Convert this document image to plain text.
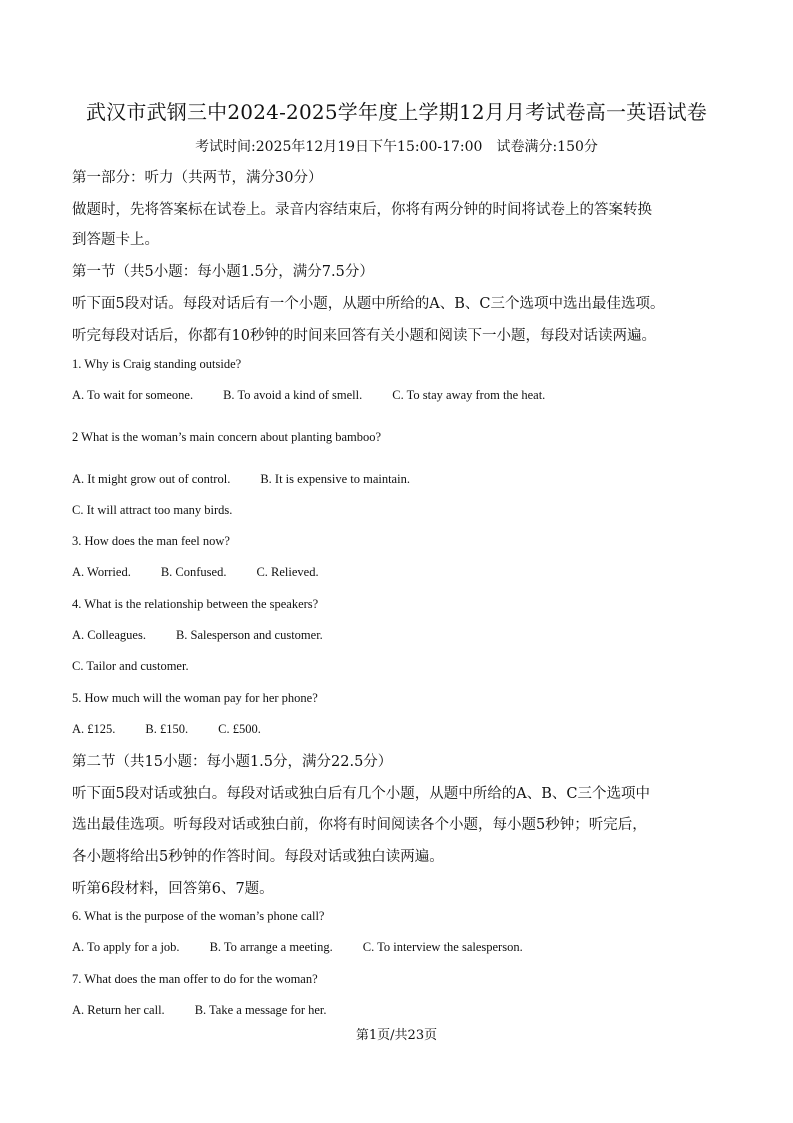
武汉市武钢三中2024-2025学年度上学期12月月考试卷高一英语试卷
考试时间:2025年12月19日下午15:00-17:00 试卷满分:150分
第一部分：听力（共两节，满分30分）
做题时，先将答案标在试卷上。录音内容结束后，你将有两分钟的时间将试卷上的答案转换
到答题卡上。
第一节（共5小题：每小题1.5分，满分7.5分）
听下面5段对话。每段对话后有一个小题，从题中所给的A、B、C三个选项中选出最佳选项。
听完每段对话后，你都有10秒钟的时间来回答有关小题和阅读下一小题，每段对话读两遍。
1. Why is Craig standing outside?
A. To wait for someone. B. To avoid a kind of smell. C. To stay away from the heat.
2 What is the woman’s main concern about planting bamboo?
A. It might grow out of control. B. It is expensive to maintain.
C. It will attract too many birds.
3. How does the man feel now?
A. Worried. B. Confused. C. Relieved.
4. What is the relationship between the speakers?
A. Colleagues. B. Salesperson and customer.
C. Tailor and customer.
5. How much will the woman pay for her phone?
A. £125. B. £150. C. £500.
第二节（共15小题：每小题1.5分，满分22.5分）
听下面5段对话或独白。每段对话或独白后有几个小题，从题中所给的A、B、C三个选项中
选出最佳选项。听每段对话或独白前，你将有时间阅读各个小题，每小题5秒钟；听完后，
各小题将给出5秒钟的作答时间。每段对话或独白读两遍。
听第6段材料，回答第6、7题。
6. What is the purpose of the woman’s phone call?
A. To apply for a job. B. To arrange a meeting. C. To interview the salesperson.
7. What does the man offer to do for the woman?
A. Return her call. B. Take a message for her.
第1页/共23页
